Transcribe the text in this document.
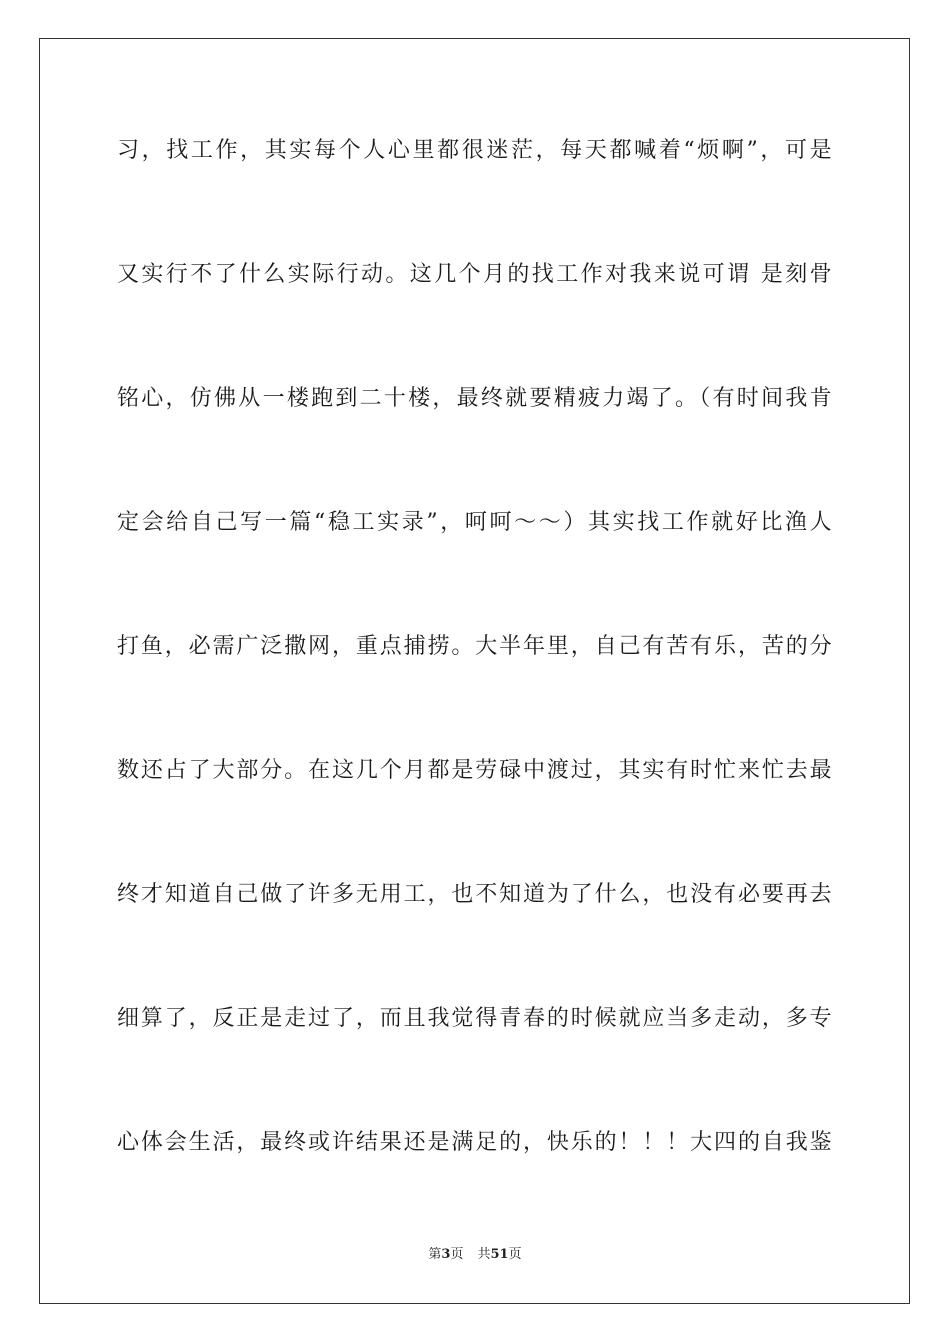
习，找工作，其实每个人心里都很迷茫，每天都喊着“烦啊”，可是
又实行不了什么实际行动。这几个月的找工作对我来说可谓 是刻骨
铭心，仿佛从一楼跑到二十楼，最终就要精疲力竭了。（有时间我肯
定会给自己写一篇“稳工实录”，呵呵～～）其实找工作就好比渔人
打鱼，必需广泛撒网，重点捕捞。大半年里，自己有苦有乐，苦的分
数还占了大部分。在这几个月都是劳碌中渡过，其实有时忙来忙去最
终才知道自己做了许多无用工，也不知道为了什么，也没有必要再去
细算了，反正是走过了，而且我觉得青春的时候就应当多走动，多专
心体会生活，最终或许结果还是满足的，快乐的！！！大四的自我鉴
第3页 共51页
